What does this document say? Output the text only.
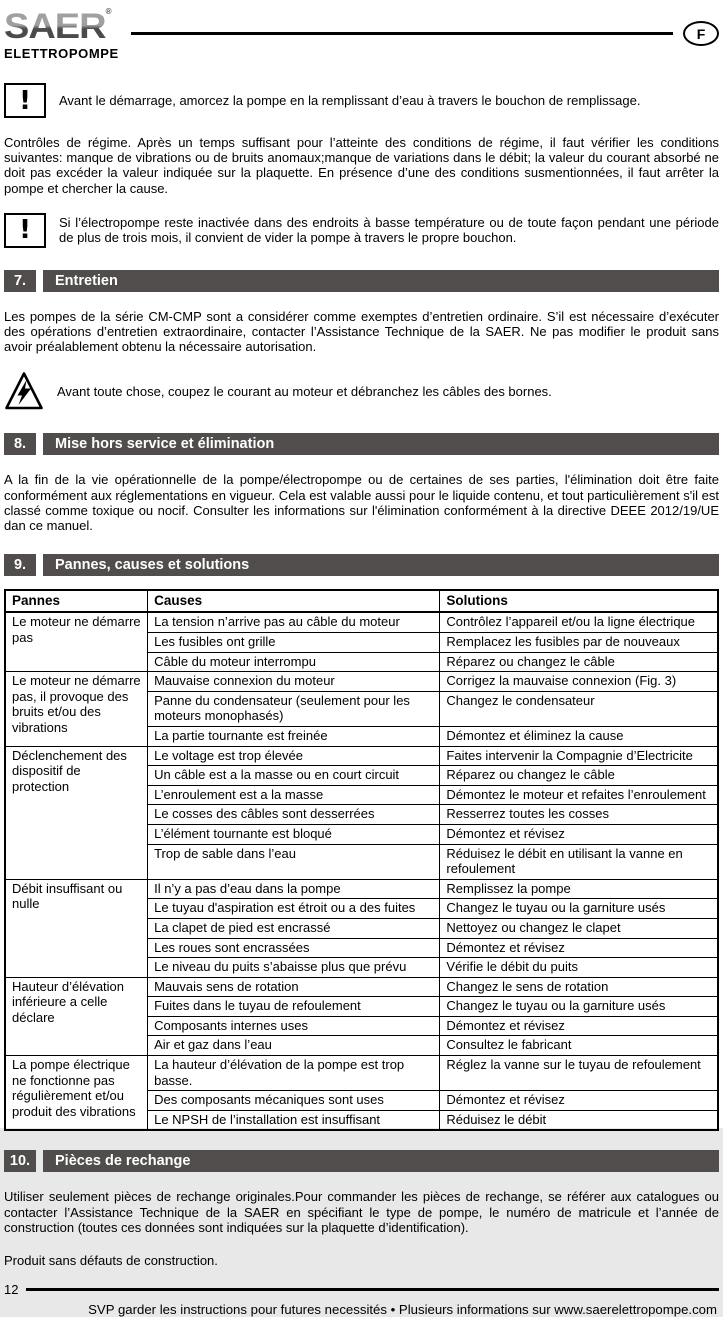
SAER®
ELETTROPOMPE
F
!	Avant le démarrage, amorcez la pompe en la remplissant d’eau à travers le bouchon de remplissage.
Contrôles de régime. Après un temps suffisant pour l’atteinte des conditions de régime, il faut vérifier les conditions suivantes: manque de vibrations ou de bruits anomaux;manque de variations dans le débit; la valeur du courant absorbé ne doit pas excéder la valeur indiquée sur la plaquette. En présence d’une des conditions susmentionnées, il faut arrêter la pompe et chercher la cause.
!	Si l’électropompe reste inactivée dans des endroits à basse température ou de toute façon pendant une période de plus de trois mois, il convient de vider la pompe à travers le propre bouchon.
7.	Entretien
Les pompes de la série CM-CMP sont a considérer comme exemptes d’entretien ordinaire. S’il est nécessaire d’exécuter des opérations d’entretien extraordinaire, contacter l’Assistance Technique de la SAER. Ne pas modifier le produit sans avoir préalablement obtenu la nécessaire autorisation.
Avant toute chose, coupez le courant au moteur et débranchez les câbles des bornes.
8.	Mise hors service et élimination
A la fin de la vie opérationnelle de la pompe/électropompe ou de certaines de ses parties, l'élimination doit être faite conformément aux réglementations en vigueur. Cela est valable aussi pour le liquide contenu, et tout particulièrement s'il est classé comme toxique ou nocif. Consulter les informations sur l'élimination conformément à la directive DEEE 2012/19/UE dan ce manuel.
9.	Pannes, causes et solutions
Pannes	Causes	Solutions
Le moteur ne démarre pas	La tension n’arrive pas au câble du moteur	Contrôlez l’appareil et/ou la ligne électrique
	Les fusibles ont grille	Remplacez les fusibles par de nouveaux
	Câble du moteur interrompu	Réparez ou changez le câble
Le moteur ne démarre pas, il provoque des bruits et/ou des vibrations	Mauvaise connexion du moteur	Corrigez la mauvaise connexion (Fig. 3)
	Panne du condensateur (seulement pour les moteurs monophasés)	Changez le condensateur
	La partie tournante est freinée	Démontez et éliminez la cause
Déclenchement des dispositif de protection	Le voltage est trop élevée	Faites intervenir la Compagnie d’Electricite
	Un câble est a la masse ou en court circuit	Réparez ou changez le câble
	L’enroulement est a la masse	Démontez le moteur et refaites l’enroulement
	Le cosses des câbles sont desserrées	Resserrez toutes les cosses
	L’élément tournante est bloqué	Démontez et révisez
	Trop de sable dans l’eau	Réduisez le débit en utilisant la vanne en refoulement
Débit insuffisant ou nulle	Il n’y a pas d’eau dans la pompe	Remplissez la pompe
	Le tuyau d'aspiration est étroit ou a des fuites	Changez le tuyau ou la garniture usés
	La clapet de pied est encrassé	Nettoyez ou changez le clapet
	Les roues sont encrassées	Démontez et révisez
	Le niveau du puits s’abaisse plus que prévu	Vérifie le débit du puits
Hauteur d’élévation inférieure a celle déclare	Mauvais sens de rotation	Changez le sens de rotation
	Fuites dans le tuyau de refoulement	Changez le tuyau ou la garniture usés
	Composants internes uses	Démontez et révisez
	Air et gaz dans l’eau	Consultez le fabricant
La pompe électrique ne fonctionne pas régulièrement et/ou produit des vibrations	La hauteur d’élévation de la pompe est trop basse.	Réglez la vanne sur le tuyau de refoulement
	Des composants mécaniques sont uses	Démontez et révisez
	Le NPSH de l’installation est insuffisant	Réduisez le débit
10.	Pièces de rechange
Utiliser seulement pièces de rechange originales.Pour commander les pièces de rechange, se référer aux catalogues ou contacter l’Assistance Technique de la SAER en spécifiant le type de pompe, le numéro de matricule et l’année de construction (toutes ces données sont indiquées sur la plaquette d’identification).
Produit sans défauts de construction.
12
SVP garder les instructions pour futures necessités • Plusieurs informations sur www.saerelettropompe.com
